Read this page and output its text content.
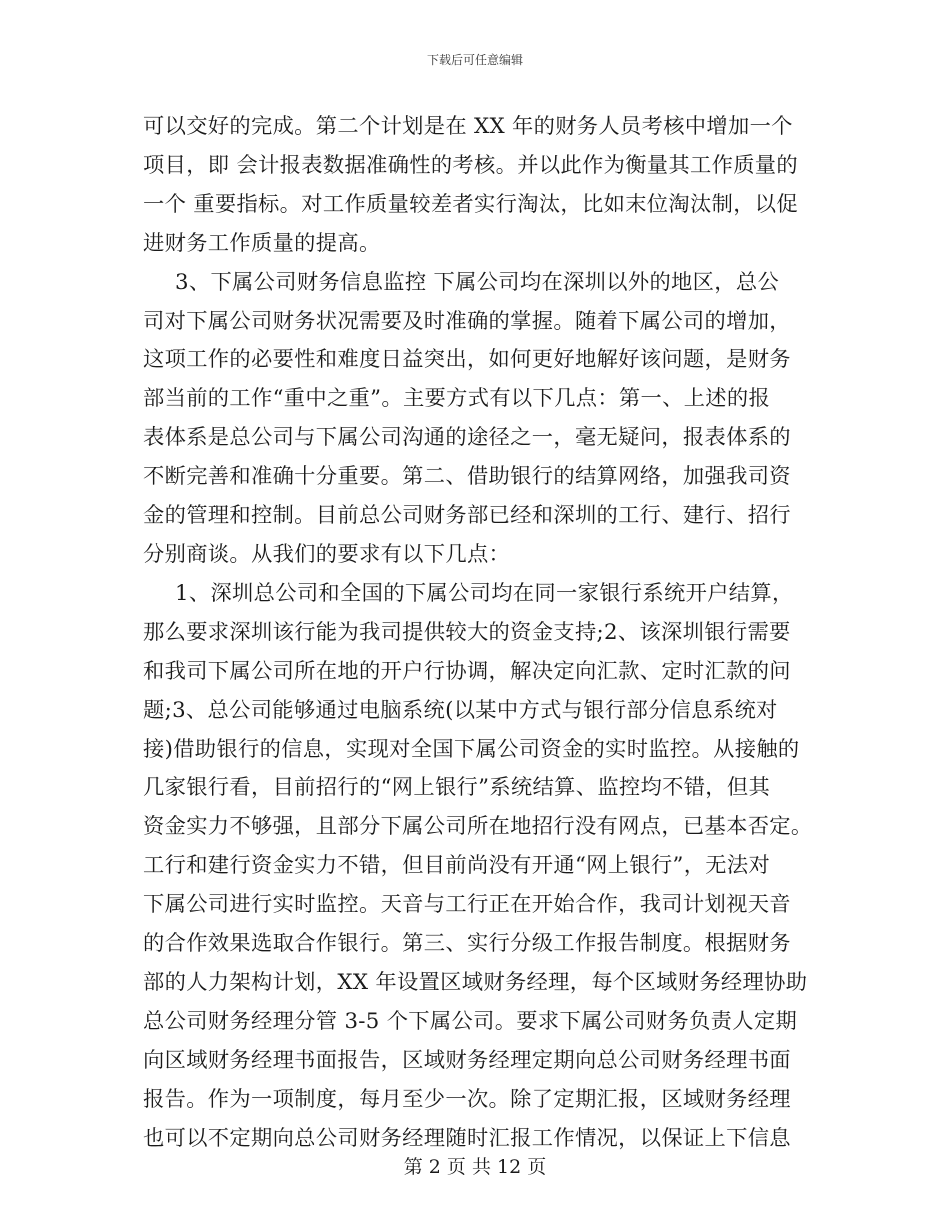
下载后可任意编辑
可以交好的完成。第二个计划是在 XX 年的财务人员考核中增加一个
项目，即 会计报表数据准确性的考核。并以此作为衡量其工作质量的
一个 重要指标。对工作质量较差者实行淘汰，比如末位淘汰制，以促
进财务工作质量的提高。
3、下属公司财务信息监控 下属公司均在深圳以外的地区，总公
司对下属公司财务状况需要及时准确的掌握。随着下属公司的增加，
这项工作的必要性和难度日益突出，如何更好地解好该问题，是财务
部当前的工作“重中之重”。主要方式有以下几点：第一、上述的报
表体系是总公司与下属公司沟通的途径之一，毫无疑问，报表体系的
不断完善和准确十分重要。第二、借助银行的结算网络，加强我司资
金的管理和控制。目前总公司财务部已经和深圳的工行、建行、招行
分别商谈。从我们的要求有以下几点：
1、深圳总公司和全国的下属公司均在同一家银行系统开户结算，
那么要求深圳该行能为我司提供较大的资金支持;2、该深圳银行需要
和我司下属公司所在地的开户行协调，解决定向汇款、定时汇款的问
题;3、总公司能够通过电脑系统(以某中方式与银行部分信息系统对
接)借助银行的信息，实现对全国下属公司资金的实时监控。从接触的
几家银行看，目前招行的“网上银行”系统结算、监控均不错，但其
资金实力不够强，且部分下属公司所在地招行没有网点，已基本否定。
工行和建行资金实力不错，但目前尚没有开通“网上银行”，无法对
下属公司进行实时监控。天音与工行正在开始合作，我司计划视天音
的合作效果选取合作银行。第三、实行分级工作报告制度。根据财务
部的人力架构计划，XX 年设置区域财务经理，每个区域财务经理协助
总公司财务经理分管 3-5 个下属公司。要求下属公司财务负责人定期
向区域财务经理书面报告，区域财务经理定期向总公司财务经理书面
报告。作为一项制度，每月至少一次。除了定期汇报，区域财务经理
也可以不定期向总公司财务经理随时汇报工作情况，以保证上下信息
第 2 页 共 12 页
